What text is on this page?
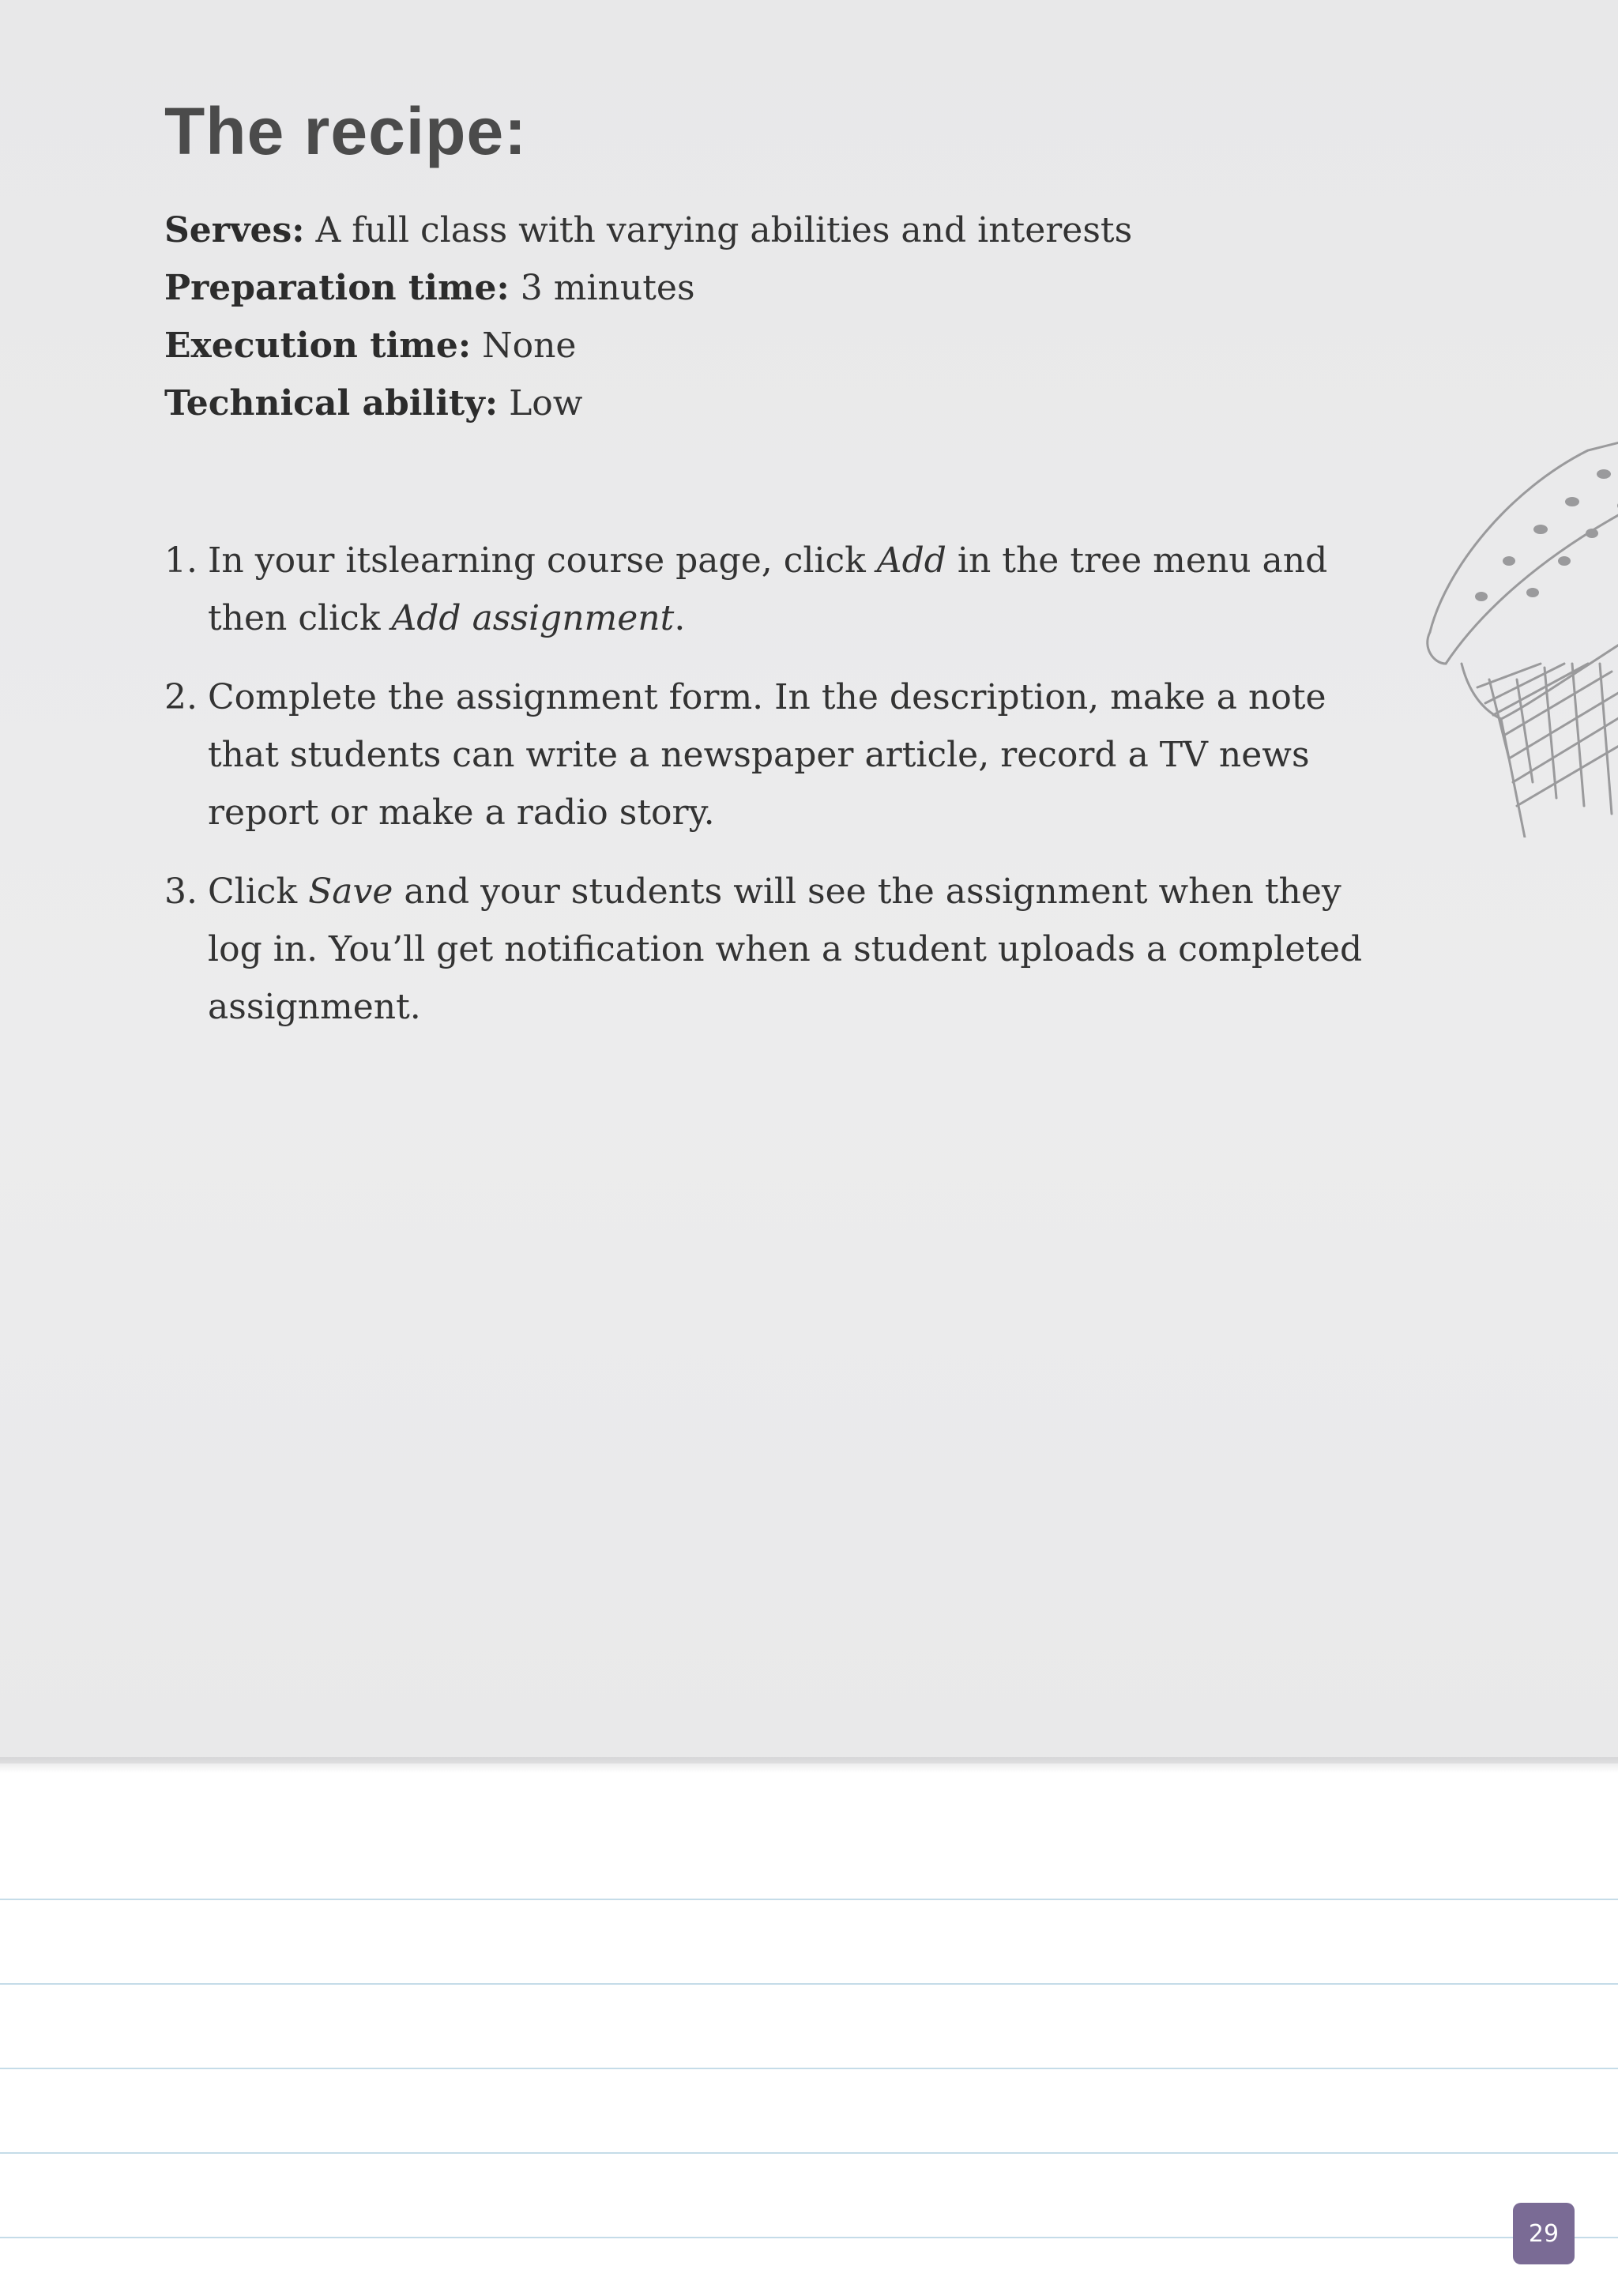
The recipe:
Serves: A full class with varying abilities and interests
Preparation time: 3 minutes
Execution time: None
Technical ability: Low
1. In your itslearning course page, click Add in the tree menu and then click Add assignment.
2. Complete the assignment form. In the description, make a note that students can write a newspaper article, record a TV news report or make a radio story.
3. Click Save and your students will see the assignment when they log in. You’ll get notification when a student uploads a completed assignment.
29
